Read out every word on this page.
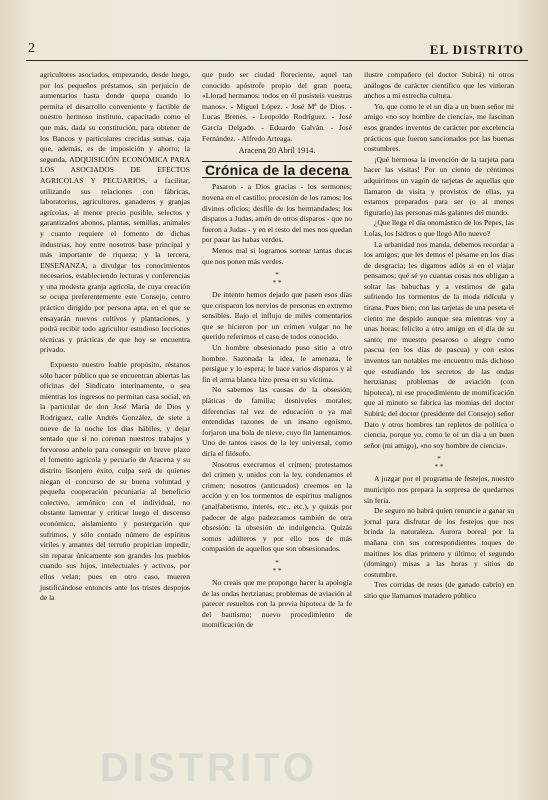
2	EL DISTRITO

agricultores asociados, empezando, desde luego, por los pequeños préstamos, sin perjuicio de aumentarlos hasta donde quepa cuando lo permita el desarrollo conveniente y factible de nuestro hermoso instituto, capacitado como el que más, dada su constitución, para obtener de los Bancos y particulares crecidas sumas, caja que, además, es de imposición y ahorro; la segunda, ADQUISICIÓN ECONÓMICA PARA LOS ASOCIADOS DE EFECTOS AGRICOLAS Y PECUARIOS, a facilitar, utilizando sus relaciones con fábricas, laboratorios, agricultores, ganaderos y granjas agrícolas, al menor precio posible, selectos y garantizados abonos, plantas, semillas, animales y cuanto requiere el fomento de dichas industrias, hoy entre nosotros base principal y más importante de riqueza; y la tercera, ENSEÑANZA, a divulgar los conocimientos necesarios, estableciendo lecturas y conferencias y una modesta granja agrícola, de cuya creación se ocupa preferentemente este Consejo, centro práctico dirigido por persona apta, en el que se ensayarán nuevos cultivos y plantaciones, y podrá recibir todo agricultor estudioso lecciones técnicas y prácticas de que hoy se encuentra privado.

Expuesto nuestro loable propósito, réstanos sólo hacer público que se encuentran abiertas las oficinas del Sindicato interinamente, o sea mientras los ingresos no permitan casa social, en la particular de don José María de Dios y Rodríguez, calle Andrés González, de siete a nueve de la noche los días hábiles, y dejar sentado que si no corenan nuestros trabajos y fervoroso anhelo para conseguir en breve plazo el fomento agrícola y pecuario de Aracena y su distrito lisonjero éxito, culpa será de quienes niegan el concurso de su buena voluntad y pequeña cooperación pecuniaria al beneficio colectivo, armónico con el individual, no obstante lamentar y criticar luego el descenso económico, aislamiento y postergación que sufrimos, y sólo contado número de espíritus viriles y amantes del terruño propician impedir, sin reparar únicamente son grandes los pueblos cuando sus hijos, intelectuales y activos, por ellos velan; pues en otro caso, mueren justificándose entonces ante los tristes despojos de la

que pudo ser ciudad floreciente, aquel tan conocido apóstrofe propio del gran poeta, «Llorad hermanos: todos en él pusisteis vuestras manos». - Miguel López. - José Mª de Dios. - Lucas Brenes. - Leopoldo Rodríguez. - José García Delgado. - Eduardo Galván. - José Fernández. - Alfredo Arteaga.

Aracena 20 Abril 1914.
Crónica de la decena

Pasaron - a Dios gracias - los sermones; novena en el castillo; procesión de los ramos; los divinos oficios; desfile de los hermandades; los disparos a Judas, amén de otros disparos - que no fueron a Judas - y en el resto del mes nos quedan por pasar las habas verdes.

Menos mal si logramos sortear tantas ducas que nos ponen más verdes.

*
* *

De intento hemos dejado que pasen esos días que crisparon los nervios de personas en extremo sensibles. Bajo el influjo de miles comentarios que se hicieron por un crimen vulgar no he querido referirnos el caso de todos conocido.

Un hombre obsesionado puso sitio a otro hombre. Sazonada la idea, le amenaza, le persigue y lo espera; le hace varios disparos y al fin el arma blanca hizo presa en su víctima.

No sabemos las causas de la obsesión; pláticas de familia; desniveles morales; diferencias tal vez de educación o ya mal entendidas razones de un insano egoísmo, forjaron una bola de nieve, cuyo fin lamentamos. Uno de tantos casos de la ley universal, como diría el filósofo.

Nosotros execramos el crimen; protestamos del crimen y, unidos con la ley, condenamos el crimen; nosotros (anticuados) creemos en la acción y en los tormentos de espíritus malignos (analfabetismo, interés, etc., etc.), y quizás por padecer de algo padezcamos también de otra obsesión: la obsesión de indulgencia. Quizás somos adúlteros y por ello nos de más compasión de aquellos que son obsesionados.

*
* *

No creais que me propongo hacer la apología de las ondas hertzianas; problemas de aviación al parecer resueltos con la previa hipoteca de la fe del bautismo; nuevo procedimiento de momificación de

ilustre compañero (el doctor Subirá) ni otros análogos de carácter científico que les vinieran anchos a mi estrecha cultura.

Yo, que como le el un día a un buen señor mi amigo «no soy hombre de ciencia», me fascinan esos grandes inventos de carácter por excelencia prácticos que fueron sancionados por las buenas costumbres.

¡Qué hermosa la invención de la tarjeta para hacer las visitas! Por un ciento de céntimos adquirimos un vagón de tarjetas de aquellas que llamaron de visita y provistos de ellas, ya estamos preparados para ser (o al menos figurarlo) las personas más galantes del mundo.

¿Que llega el día onomástico de los Pepes, las Lolas, los Isidros o que llegó Año nuevo?

La urbanidad nos manda, debemos recordar a los amigos; que les demos el pésame en los días de desgracia; les digamos adiós si en el viajar pensamos; qué sé yo cuantas cosas nos obligan a soltar las babuchas y a vestirnos de gala sufriendo los tormentos de la moda ridícula y tirana. Pues bien; con las tarjetas de una peseta el ciento me despido aunque sea mientras voy a unas horas; felicito a otro amigo en el día de su santo; me muestro pesaroso o alegre como pascua (en los días de pascua) y con estos inventos tan notables me encuentro más dichoso que estudiando los secretos de las ondas hertzianas; problemas de aviación (con hipoteca), ni ese procedimiento de momificación que al minuto se fabrica las momias del doctor Subirá; del doctor (presidente del Consejo) señor Dato y otros hombres tan repletos de política o ciencia, porque yo, como le oí un día a un buen señor (mi amigo), «no soy hombre de ciencia».

*
* *

A juzgar por el programa de festejos, nuestro municipio nos prepara la sorpresa de quedarnos sin feria.

De seguro no habrá quien renuncie a ganar su jornal para disfrutar de los festejos que nos brinda la naturaleza. Aurora boreal por la mañana con sus correspondientes toques de maitines los días primero y último; el segundo (domingo) misas a las horas y sitios de costumbre.

Tres corridas de reses (de ganado cabrío) en sitio que llamamos matadero público

DISTRITO
